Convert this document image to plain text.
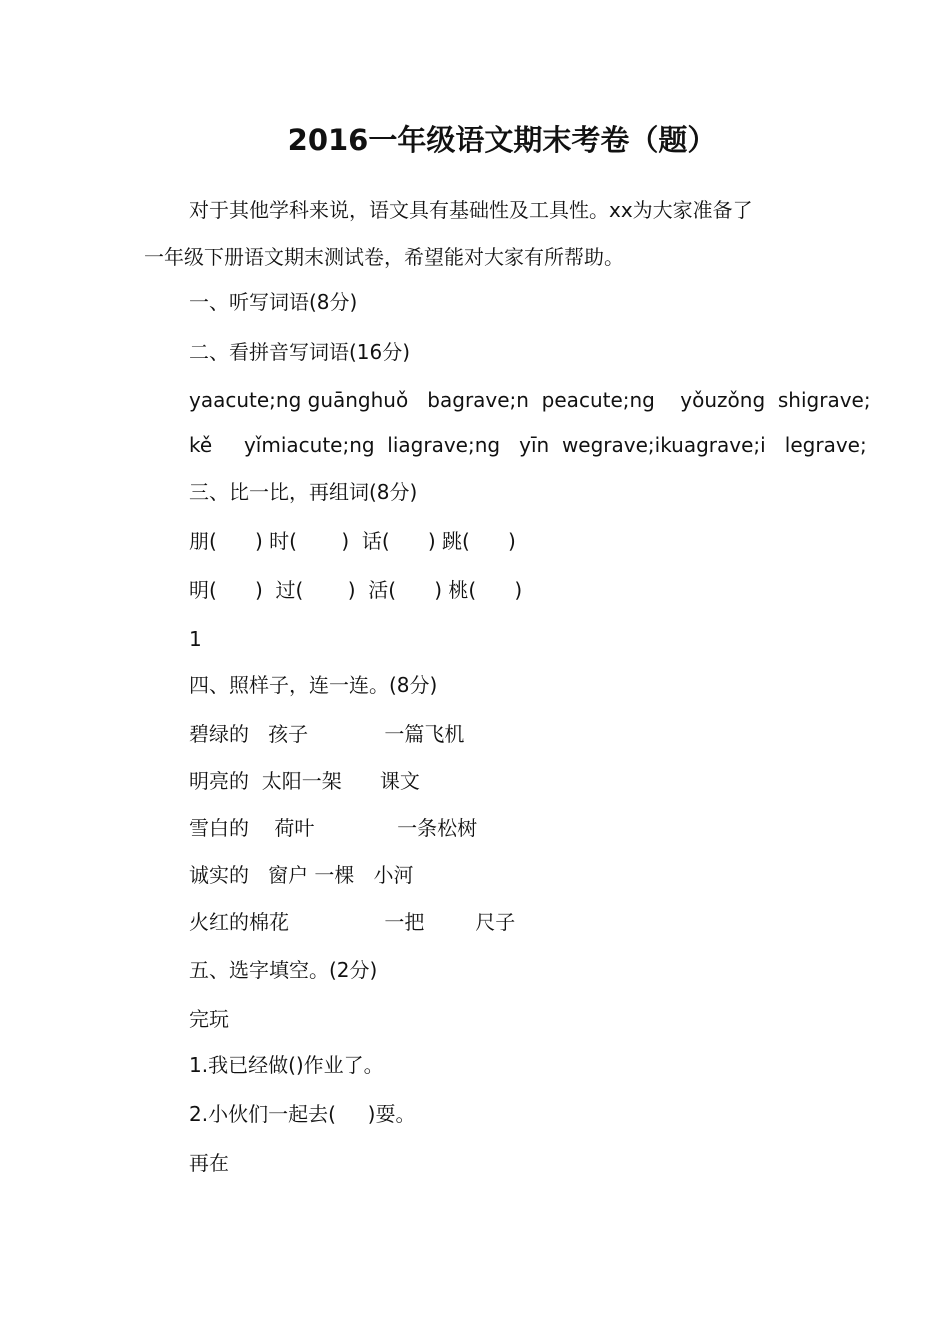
2016一年级语文期末考卷（题）
对于其他学科来说，语文具有基础性及工具性。xx为大家准备了
一年级下册语文期末测试卷，希望能对大家有所帮助。
一、听写词语(8分)
二、看拼音写词语(16分)
yaacute;ng guānghuǒ   bagrave;n  peacute;ng    yǒuzǒng  shigrave;
kě     yǐmiacute;ng  liagrave;ng   yīn  wegrave;ikuagrave;i   legrave;
三、比一比，再组词(8分)
朋(      ) 时(       )  话(      ) 跳(      )
明(      )  过(       )  活(      ) 桃(      )
1
四、照样子，连一连。(8分)
碧绿的   孩子            一篇飞机
明亮的  太阳一架      课文
雪白的    荷叶             一条松树
诚实的   窗户 一棵   小河
火红的棉花               一把        尺子
五、选字填空。(2分)
完玩
1.我已经做()作业了。
2.小伙们一起去(     )耍。
再在
